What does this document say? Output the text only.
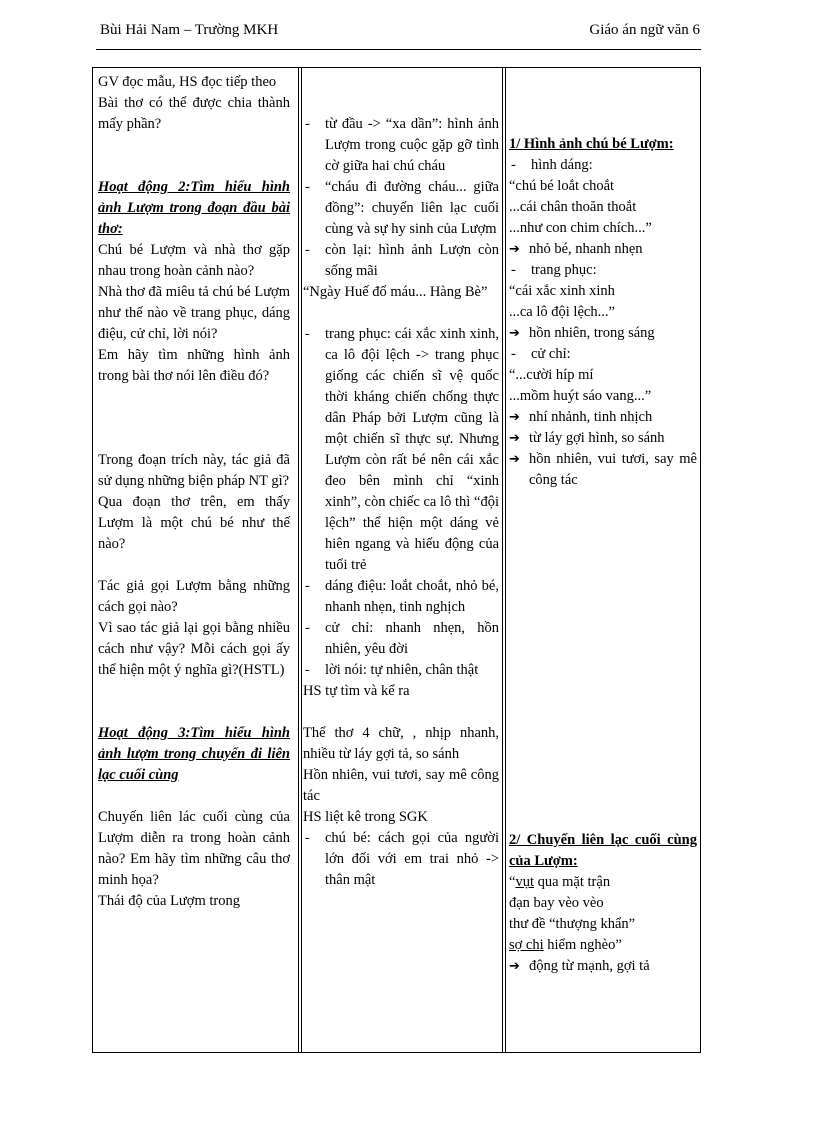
Bùi Hải Nam – Trường MKH	Giáo án ngữ văn 6

GV đọc mẫu, HS đọc tiếp theo

Bài thơ có thể được chia thành mấy phần?

Hoạt động 2:Tìm hiểu hình ảnh Lượm trong đoạn đầu bài thơ:

Chú bé Lượm và nhà thơ gặp nhau trong hoàn cảnh nào?

Nhà thơ đã miêu tả chú bé Lượm như thế nào về trang phục, dáng điệu, cử chỉ, lời nói?

Em hãy tìm những hình ảnh trong bài thơ nói lên điều đó?

Trong đoạn trích này, tác giả đã sử dụng những biện pháp NT gì?

Qua đoạn thơ trên, em thấy Lượm là một chú bé như thế nào?

Tác giả gọi Lượm bằng những cách gọi nào?

Vì sao tác giả lại gọi bằng nhiều cách như vậy? Mỗi cách gọi ấy thể hiện một ý nghĩa gì?(HSTL)

Hoạt động 3:Tìm hiểu hình ảnh lượm trong chuyến đi liên lạc cuối cùng

Chuyến liên lác cuối cùng của Lượm diễn ra trong hoàn cảnh nào? Em hãy tìm những câu thơ minh họa?

Thái độ của Lượm trong

- từ đầu -> “xa dần”: hình ảnh Lượm trong cuộc gặp gỡ tình cờ giữa hai chú cháu

- “cháu đi đường cháu... giữa đồng”: chuyến liên lạc cuối cùng và sự hy sinh của Lượm

- còn lại: hình ảnh Lượn còn sống mãi

“Ngày Huế đổ máu... Hàng Bè”

- trang phục: cái xắc xinh xinh, ca lô đội lệch -> trang phục giống các chiến sĩ vệ quốc thời kháng chiến chống thực dân Pháp bởi Lượm cũng là một chiến sĩ thực sự. Nhưng Lượm còn rất bé nên cái xắc đeo bên mình chỉ “xinh xinh”, còn chiếc ca lô thì “đội lệch” thể hiện một dáng vẻ hiên ngang và hiếu động của tuổi trẻ

- dáng điệu: loắt choắt, nhỏ bé, nhanh nhẹn, tinh nghịch

- cử chỉ: nhanh nhẹn, hồn nhiên, yêu đời

- lời nói: tự nhiên, chân thật

HS tự tìm và kể ra

Thể thơ 4 chữ, , nhịp nhanh, nhiều từ láy gợi tả, so sánh

Hồn nhiên, vui tươi, say mê công tác

HS liệt kê trong SGK

- chú bé: cách gọi của người lớn đối với em trai nhỏ -> thân mật

1/ Hình ảnh chú bé Lượm:

- hình dáng:

“chú bé loắt choắt

...cái chân thoăn thoắt

...như con chim chích...”

➔ nhỏ bé, nhanh nhẹn

- trang phục:

“cái xắc xinh xinh

...ca lô đội lệch...”

➔ hồn nhiên, trong sáng

- cử chỉ:

“...cười híp mí

...mồm huýt sáo vang...”

➔ nhí nhảnh, tinh nhịch

➔ từ láy gợi hình, so sánh

➔ hồn nhiên, vui tươi, say mê công tác

2/ Chuyến liên lạc cuối cùng của Lượm:

“vụt qua mặt trận

đạn bay vèo vèo

thư đề “thượng khẩn”

sợ chi hiểm nghèo”

➔ động từ mạnh, gợi tả
